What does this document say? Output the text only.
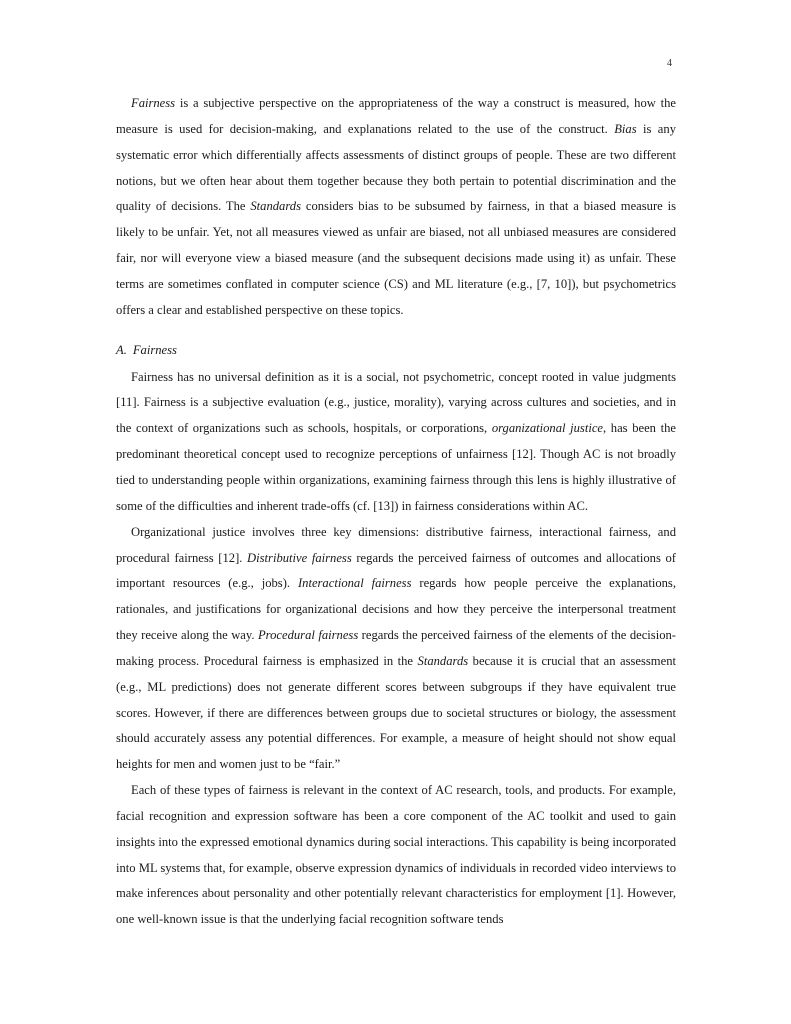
4

Fairness is a subjective perspective on the appropriateness of the way a construct is measured, how the measure is used for decision-making, and explanations related to the use of the construct. Bias is any systematic error which differentially affects assessments of distinct groups of people. These are two different notions, but we often hear about them together because they both pertain to potential discrimination and the quality of decisions. The Standards considers bias to be subsumed by fairness, in that a biased measure is likely to be unfair. Yet, not all measures viewed as unfair are biased, not all unbiased measures are considered fair, nor will everyone view a biased measure (and the subsequent decisions made using it) as unfair. These terms are sometimes conflated in computer science (CS) and ML literature (e.g., [7, 10]), but psychometrics offers a clear and established perspective on these topics.

A. Fairness

Fairness has no universal definition as it is a social, not psychometric, concept rooted in value judgments [11]. Fairness is a subjective evaluation (e.g., justice, morality), varying across cultures and societies, and in the context of organizations such as schools, hospitals, or corporations, organizational justice, has been the predominant theoretical concept used to recognize perceptions of unfairness [12]. Though AC is not broadly tied to understanding people within organizations, examining fairness through this lens is highly illustrative of some of the difficulties and inherent trade-offs (cf. [13]) in fairness considerations within AC.

Organizational justice involves three key dimensions: distributive fairness, interactional fairness, and procedural fairness [12]. Distributive fairness regards the perceived fairness of outcomes and allocations of important resources (e.g., jobs). Interactional fairness regards how people perceive the explanations, rationales, and justifications for organizational decisions and how they perceive the interpersonal treatment they receive along the way. Procedural fairness regards the perceived fairness of the elements of the decision-making process. Procedural fairness is emphasized in the Standards because it is crucial that an assessment (e.g., ML predictions) does not generate different scores between subgroups if they have equivalent true scores. However, if there are differences between groups due to societal structures or biology, the assessment should accurately assess any potential differences. For example, a measure of height should not show equal heights for men and women just to be “fair.”

Each of these types of fairness is relevant in the context of AC research, tools, and products. For example, facial recognition and expression software has been a core component of the AC toolkit and used to gain insights into the expressed emotional dynamics during social interactions. This capability is being incorporated into ML systems that, for example, observe expression dynamics of individuals in recorded video interviews to make inferences about personality and other potentially relevant characteristics for employment [1]. However, one well-known issue is that the underlying facial recognition software tends
